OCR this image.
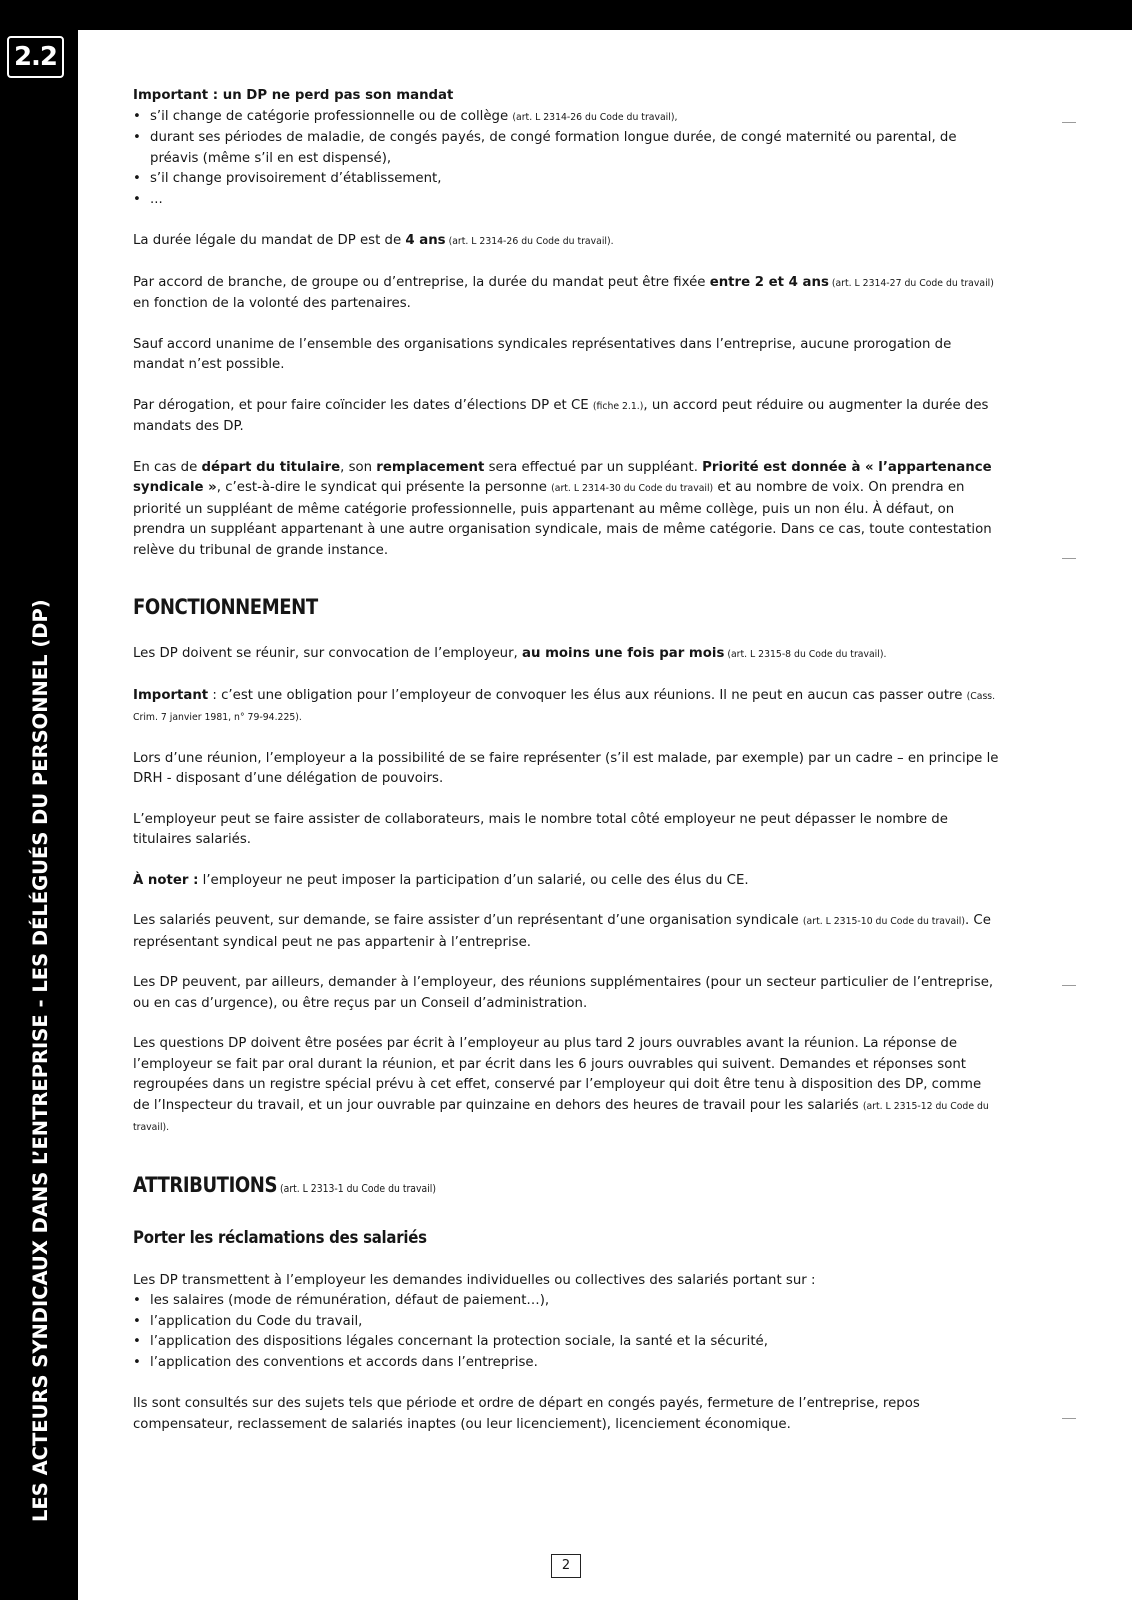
2.2
LES ACTEURS SYNDICAUX DANS L’ENTREPRISE - LES DÉLÉGUÉS DU PERSONNEL (DP)

Important : un DP ne perd pas son mandat

• s’il change de catégorie professionnelle ou de collège (art. L 2314-26 du Code du travail),
• durant ses périodes de maladie, de congés payés, de congé formation longue durée, de congé maternité ou parental, de préavis (même s’il en est dispensé),
• s’il change provisoirement d’établissement,
• ...

La durée légale du mandat de DP est de 4 ans (art. L 2314-26 du Code du travail).

Par accord de branche, de groupe ou d’entreprise, la durée du mandat peut être fixée entre 2 et 4 ans (art. L 2314-27 du Code du travail) en fonction de la volonté des partenaires.

Sauf accord unanime de l’ensemble des organisations syndicales représentatives dans l’entreprise, aucune prorogation de mandat n’est possible.

Par dérogation, et pour faire coïncider les dates d’élections DP et CE (fiche 2.1.), un accord peut réduire ou augmenter la durée des mandats des DP.

En cas de départ du titulaire, son remplacement sera effectué par un suppléant. Priorité est donnée à « l’appartenance syndicale », c’est-à-dire le syndicat qui présente la personne (art. L 2314-30 du Code du travail) et au nombre de voix. On prendra en priorité un suppléant de même catégorie professionnelle, puis appartenant au même collège, puis un non élu. À défaut, on prendra un suppléant appartenant à une autre organisation syndicale, mais de même catégorie. Dans ce cas, toute contestation relève du tribunal de grande instance.

FONCTIONNEMENT

Les DP doivent se réunir, sur convocation de l’employeur, au moins une fois par mois (art. L 2315-8 du Code du travail).

Important : c’est une obligation pour l’employeur de convoquer les élus aux réunions. Il ne peut en aucun cas passer outre (Cass. Crim. 7 janvier 1981, n° 79-94.225).

Lors d’une réunion, l’employeur a la possibilité de se faire représenter (s’il est malade, par exemple) par un cadre – en principe le DRH - disposant d’une délégation de pouvoirs.

L’employeur peut se faire assister de collaborateurs, mais le nombre total côté employeur ne peut dépasser le nombre de titulaires salariés.

À noter : l’employeur ne peut imposer la participation d’un salarié, ou celle des élus du CE.

Les salariés peuvent, sur demande, se faire assister d’un représentant d’une organisation syndicale (art. L 2315-10 du Code du travail). Ce représentant syndical peut ne pas appartenir à l’entreprise.

Les DP peuvent, par ailleurs, demander à l’employeur, des réunions supplémentaires (pour un secteur particulier de l’entreprise, ou en cas d’urgence), ou être reçus par un Conseil d’administration.

Les questions DP doivent être posées par écrit à l’employeur au plus tard 2 jours ouvrables avant la réunion. La réponse de l’employeur se fait par oral durant la réunion, et par écrit dans les 6 jours ouvrables qui suivent. Demandes et réponses sont regroupées dans un registre spécial prévu à cet effet, conservé par l’employeur qui doit être tenu à disposition des DP, comme de l’Inspecteur du travail, et un jour ouvrable par quinzaine en dehors des heures de travail pour les salariés (art. L 2315-12 du Code du travail).

ATTRIBUTIONS (art. L 2313-1 du Code du travail)
Porter les réclamations des salariés

Les DP transmettent à l’employeur les demandes individuelles ou collectives des salariés portant sur :

• les salaires (mode de rémunération, défaut de paiement…),
• l’application du Code du travail,
• l’application des dispositions légales concernant la protection sociale, la santé et la sécurité,
• l’application des conventions et accords dans l’entreprise.

Ils sont consultés sur des sujets tels que période et ordre de départ en congés payés, fermeture de l’entreprise, repos compensateur, reclassement de salariés inaptes (ou leur licenciement), licenciement économique.

2
